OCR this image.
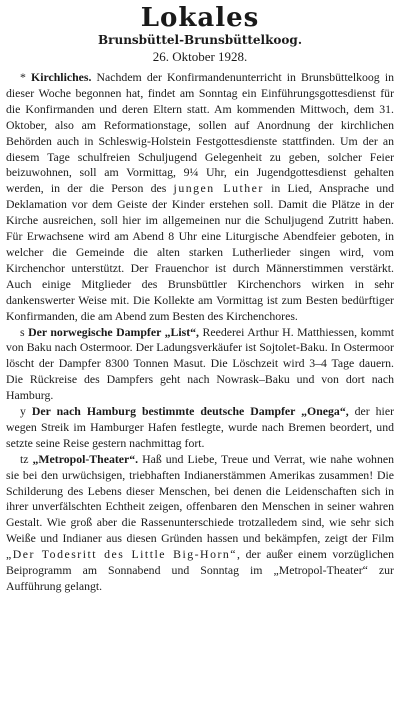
Lokales
Brunsbüttel-Brunsbüttelkoog.
26. Oktober 1928.

* Kirchliches. Nachdem der Konfirmandenunterricht in Brunsbüttelkoog in dieser Woche begonnen hat, findet am Sonntag ein Einführungsgottesdienst für die Konfirmanden und deren Eltern statt. Am kommenden Mittwoch, dem 31. Oktober, also am Reformationstage, sollen auf Anordnung der kirchlichen Behörden auch in Schleswig-Holstein Festgottesdienste stattfinden. Um der an diesem Tage schulfreien Schuljugend Gelegenheit zu geben, solcher Feier beizuwohnen, soll am Vormittag, 9¼ Uhr, ein Jugendgottesdienst gehalten werden, in der die Person des jungen Luther in Lied, Ansprache und Deklamation vor dem Geiste der Kinder erstehen soll. Damit die Plätze in der Kirche ausreichen, soll hier im allgemeinen nur die Schuljugend Zutritt haben. Für Erwachsene wird am Abend 8 Uhr eine Liturgische Abendfeier geboten, in welcher die Gemeinde die alten starken Lutherlieder singen wird, vom Kirchenchor unterstützt. Der Frauenchor ist durch Männerstimmen verstärkt. Auch einige Mitglieder des Brunsbüttler Kirchenchors wirken in sehr dankenswerter Weise mit. Die Kollekte am Vormittag ist zum Besten bedürftiger Konfirmanden, die am Abend zum Besten des Kirchenchores.

s Der norwegische Dampfer „List“, Reederei Arthur H. Matthiessen, kommt von Baku nach Ostermoor. Der Ladungsverkäufer ist Sojtolet-Baku. In Ostermoor löscht der Dampfer 8300 Tonnen Masut. Die Löschzeit wird 3–4 Tage dauern. Die Rückreise des Dampfers geht nach Nowrask–Baku und von dort nach Hamburg.

y Der nach Hamburg bestimmte deutsche Dampfer „Onega“, der hier wegen Streik im Hamburger Hafen festlegte, wurde nach Bremen beordert, und setzte seine Reise gestern nachmittag fort.

tz „Metropol-Theater“. Haß und Liebe, Treue und Verrat, wie nahe wohnen sie bei den urwüchsigen, triebhaften Indianerstämmen Amerikas zusammen! Die Schilderung des Lebens dieser Menschen, bei denen die Leidenschaften sich in ihrer unverfälschten Echtheit zeigen, offenbaren den Menschen in seiner wahren Gestalt. Wie groß aber die Rassenunterschiede trotzalledem sind, wie sehr sich Weiße und Indianer aus diesen Gründen hassen und bekämpfen, zeigt der Film „Der Todesritt des Little Big-Horn“, der außer einem vorzüglichen Beiprogramm am Sonnabend und Sonntag im „Metropol-Theater“ zur Aufführung gelangt.
